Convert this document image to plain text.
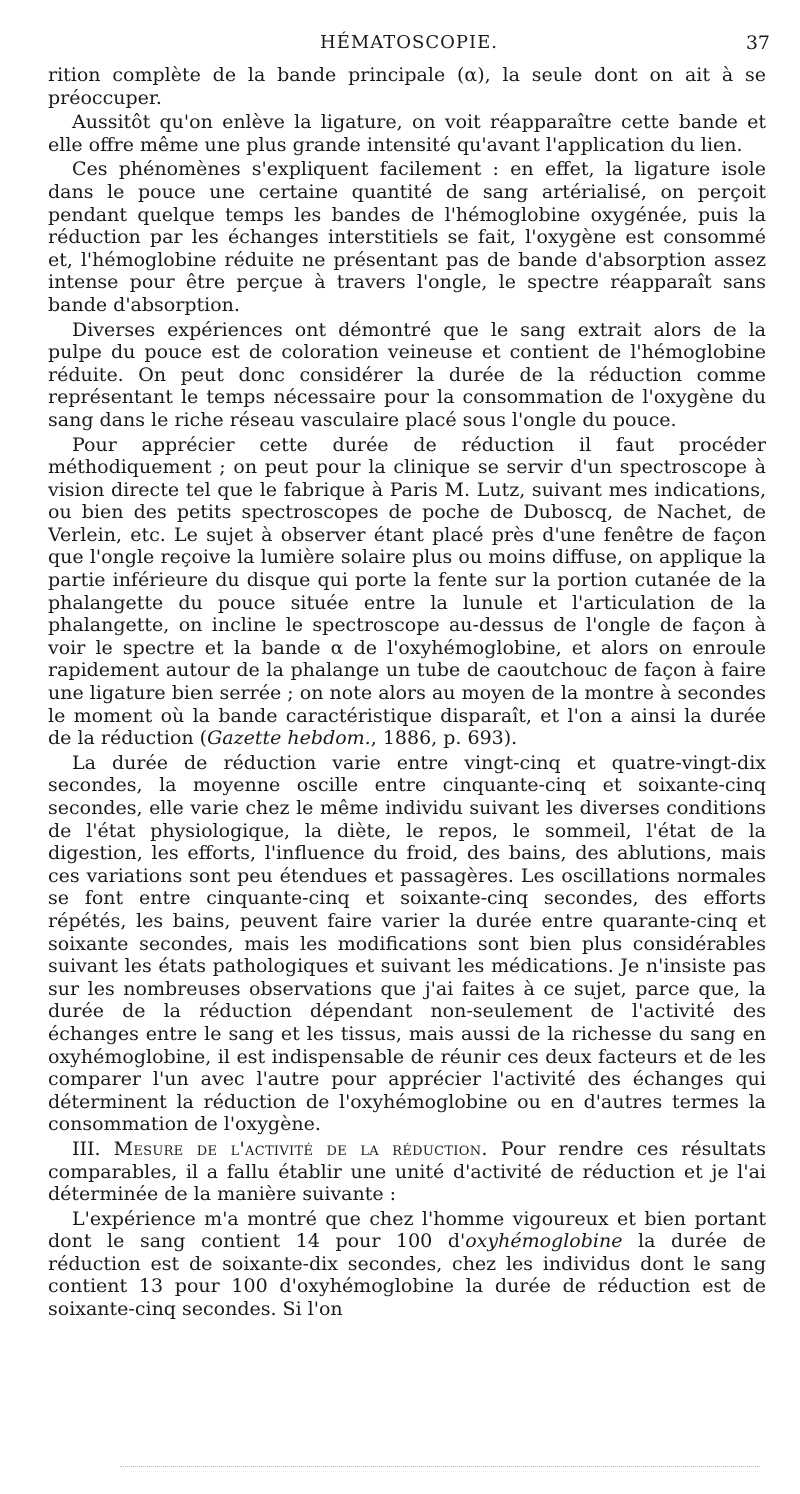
HÉMATOSCOPIE.	37

rition complète de la bande principale (α), la seule dont on ait à se préoccuper.

Aussitôt qu'on enlève la ligature, on voit réapparaître cette bande et elle offre même une plus grande intensité qu'avant l'application du lien.

Ces phénomènes s'expliquent facilement : en effet, la ligature isole dans le pouce une certaine quantité de sang artérialisé, on perçoit pendant quelque temps les bandes de l'hémoglobine oxygénée, puis la réduction par les échanges interstitiels se fait, l'oxygène est consommé et, l'hémoglobine réduite ne présentant pas de bande d'absorption assez intense pour être perçue à travers l'ongle, le spectre réapparaît sans bande d'absorption.

Diverses expériences ont démontré que le sang extrait alors de la pulpe du pouce est de coloration veineuse et contient de l'hémoglobine réduite. On peut donc considérer la durée de la réduction comme représentant le temps nécessaire pour la consommation de l'oxygène du sang dans le riche réseau vasculaire placé sous l'ongle du pouce.

Pour apprécier cette durée de réduction il faut procéder méthodiquement ; on peut pour la clinique se servir d'un spectroscope à vision directe tel que le fabrique à Paris M. Lutz, suivant mes indications, ou bien des petits spectroscopes de poche de Duboscq, de Nachet, de Verlein, etc. Le sujet à observer étant placé près d'une fenêtre de façon que l'ongle reçoive la lumière solaire plus ou moins diffuse, on applique la partie inférieure du disque qui porte la fente sur la portion cutanée de la phalangette du pouce située entre la lunule et l'articulation de la phalangette, on incline le spectroscope au-dessus de l'ongle de façon à voir le spectre et la bande α de l'oxyhémoglobine, et alors on enroule rapidement autour de la phalange un tube de caoutchouc de façon à faire une ligature bien serrée ; on note alors au moyen de la montre à secondes le moment où la bande caractéristique disparaît, et l'on a ainsi la durée de la réduction (Gazette hebdom., 1886, p. 693).

La durée de réduction varie entre vingt-cinq et quatre-vingt-dix secondes, la moyenne oscille entre cinquante-cinq et soixante-cinq secondes, elle varie chez le même individu suivant les diverses conditions de l'état physiologique, la diète, le repos, le sommeil, l'état de la digestion, les efforts, l'influence du froid, des bains, des ablutions, mais ces variations sont peu étendues et passagères. Les oscillations normales se font entre cinquante-cinq et soixante-cinq secondes, des efforts répétés, les bains, peuvent faire varier la durée entre quarante-cinq et soixante secondes, mais les modifications sont bien plus considérables suivant les états pathologiques et suivant les médications. Je n'insiste pas sur les nombreuses observations que j'ai faites à ce sujet, parce que, la durée de la réduction dépendant non-seulement de l'activité des échanges entre le sang et les tissus, mais aussi de la richesse du sang en oxyhémoglobine, il est indispensable de réunir ces deux facteurs et de les comparer l'un avec l'autre pour apprécier l'activité des échanges qui déterminent la réduction de l'oxyhémoglobine ou en d'autres termes la consommation de l'oxygène.

III. Mesure de l'activité de la réduction. Pour rendre ces résultats comparables, il a fallu établir une unité d'activité de réduction et je l'ai déterminée de la manière suivante :

L'expérience m'a montré que chez l'homme vigoureux et bien portant dont le sang contient 14 pour 100 d'oxyhémoglobine la durée de réduction est de soixante-dix secondes, chez les individus dont le sang contient 13 pour 100 d'oxyhémoglobine la durée de réduction est de soixante-cinq secondes. Si l'on
